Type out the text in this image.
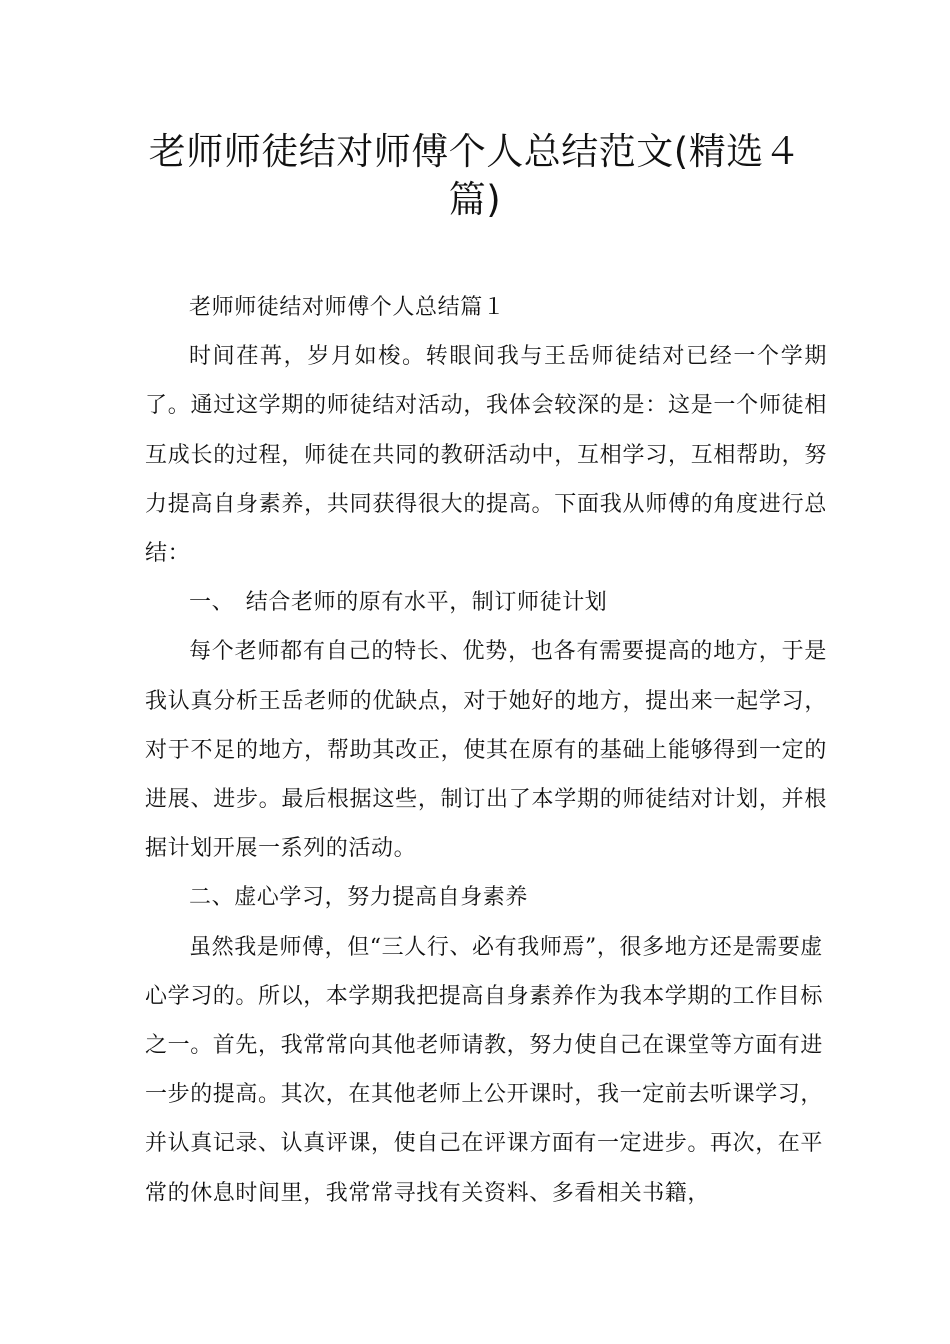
老师师徒结对师傅个人总结范文(精选４篇)

老师师徒结对师傅个人总结篇１

时间荏苒，岁月如梭。转眼间我与王岳师徒结对已经一个学期了。通过这学期的师徒结对活动，我体会较深的是：这是一个师徒相互成长的过程，师徒在共同的教研活动中，互相学习，互相帮助，努力提高自身素养，共同获得很大的提高。下面我从师傅的角度进行总结：

一、　结合老师的原有水平，制订师徒计划

每个老师都有自己的特长、优势，也各有需要提高的地方，于是我认真分析王岳老师的优缺点，对于她好的地方，提出来一起学习，对于不足的地方，帮助其改正，使其在原有的基础上能够得到一定的进展、进步。最后根据这些，制订出了本学期的师徒结对计划，并根据计划开展一系列的活动。

二、虚心学习，努力提高自身素养

虽然我是师傅，但“三人行、必有我师焉”，很多地方还是需要虚心学习的。所以，本学期我把提高自身素养作为我本学期的工作目标之一。首先，我常常向其他老师请教，努力使自己在课堂等方面有进一步的提高。其次，在其他老师上公开课时，我一定前去听课学习，并认真记录、认真评课，使自己在评课方面有一定进步。再次，在平常的休息时间里，我常常寻找有关资料、多看相关书籍，
